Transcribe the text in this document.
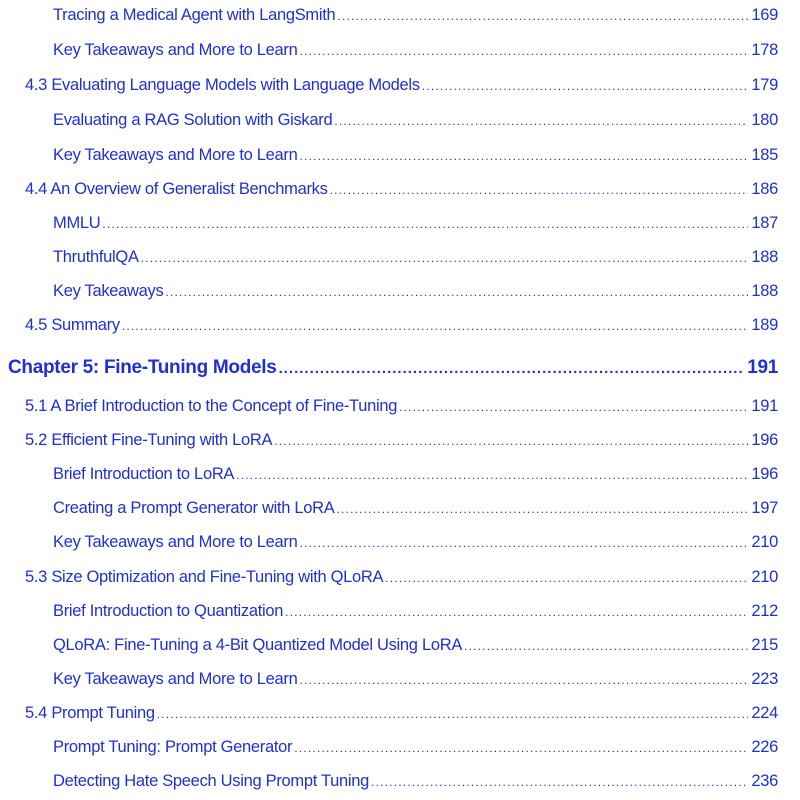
Tracing a Medical Agent with LangSmith .....	169
Key Takeaways and More to Learn .....	178
4.3 Evaluating Language Models with Language Models .....	179
Evaluating a RAG Solution with Giskard .....	180
Key Takeaways and More to Learn .....	185
4.4 An Overview of Generalist Benchmarks .....	186
MMLU .....	187
ThruthfulQA .....	188
Key Takeaways .....	188
4.5 Summary .....	189
Chapter 5: Fine-Tuning Models .....	191
5.1 A Brief Introduction to the Concept of Fine-Tuning .....	191
5.2 Efficient Fine-Tuning with LoRA .....	196
Brief Introduction to LoRA .....	196
Creating a Prompt Generator with LoRA .....	197
Key Takeaways and More to Learn .....	210
5.3 Size Optimization and Fine-Tuning with QLoRA .....	210
Brief Introduction to Quantization .....	212
QLoRA: Fine-Tuning a 4-Bit Quantized Model Using LoRA .....	215
Key Takeaways and More to Learn .....	223
5.4 Prompt Tuning .....	224
Prompt Tuning: Prompt Generator .....	226
Detecting Hate Speech Using Prompt Tuning .....	236
